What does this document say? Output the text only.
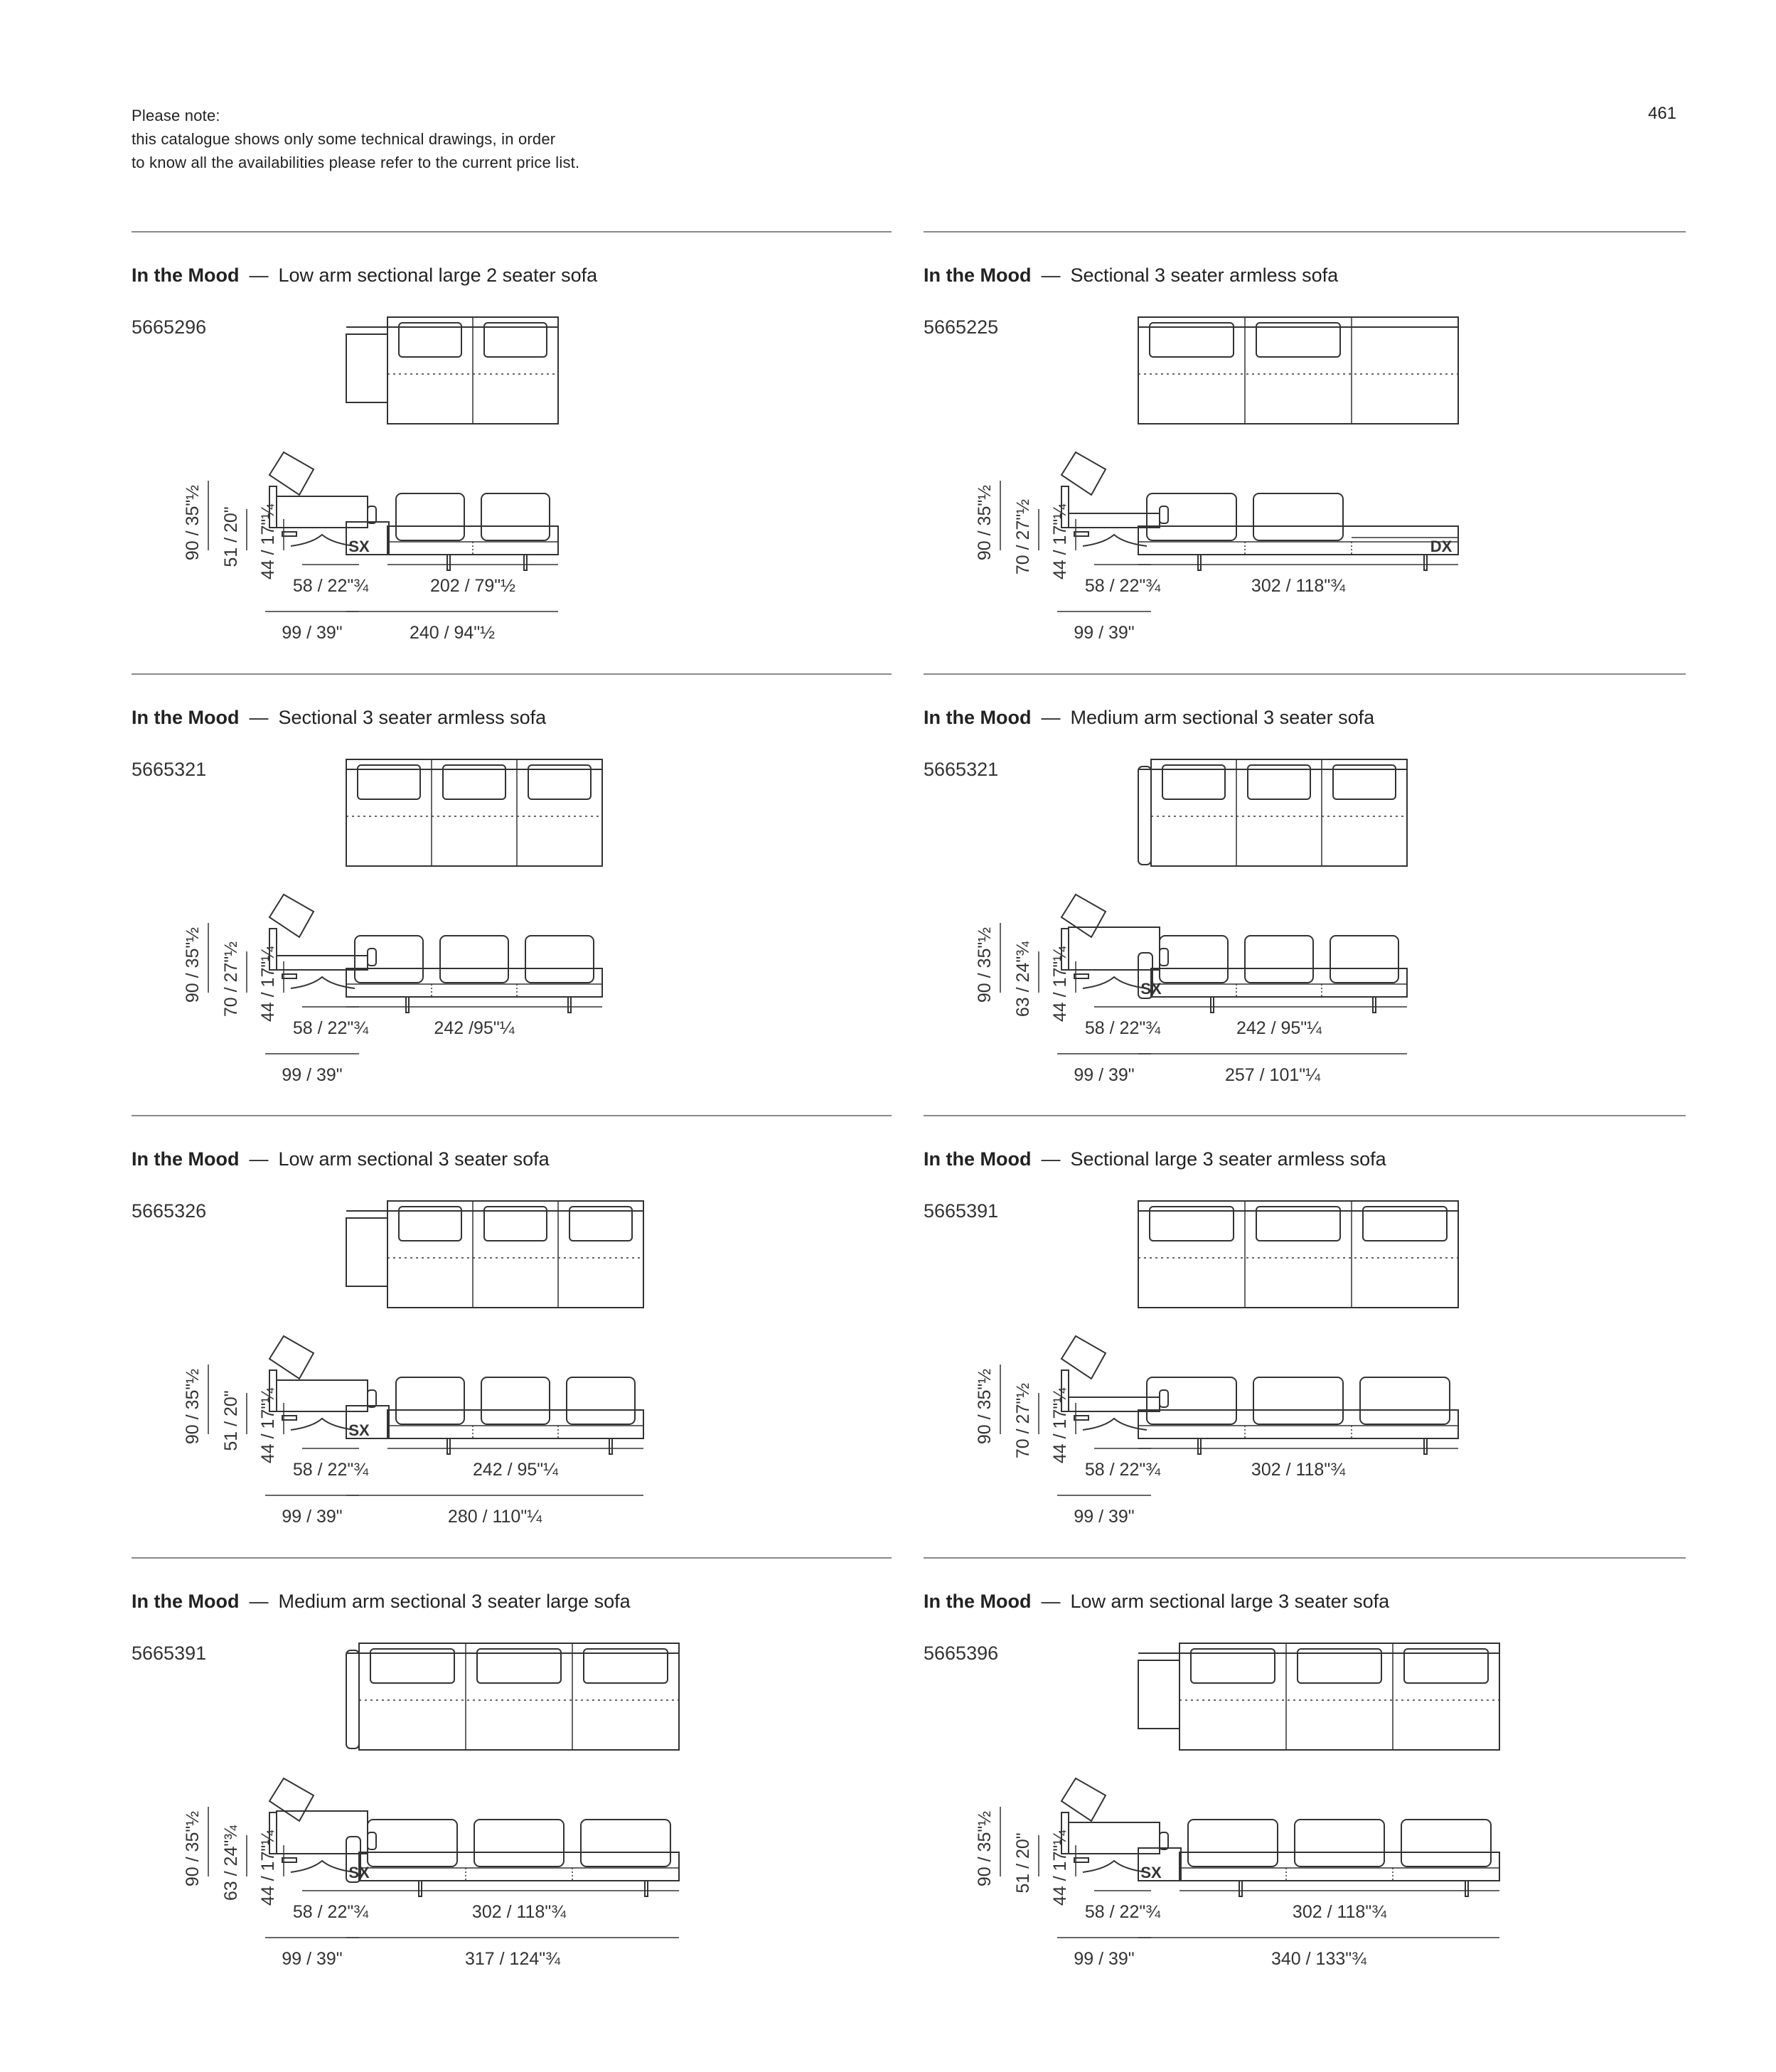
Please note:
this catalogue shows only some technical drawings, in order
to know all the availabilities please refer to the current price list.
461
In the Mood — Low arm sectional large 2 seater sofa
5665296
90 / 35"½ 51 / 20" 44 / 17"¼
58 / 22"¾
99 / 39"
SX
202 / 79"½
240 / 94"½
In the Mood — Sectional 3 seater armless sofa
5665225
90 / 35"½ 70 / 27"½ 44 / 17"¼
58 / 22"¾
99 / 39"
DX
302 / 118"¾
In the Mood — Sectional 3 seater armless sofa
5665321
90 / 35"½ 70 / 27"½ 44 / 17"¼
58 / 22"¾
99 / 39"
242 /95"¼
In the Mood — Medium arm sectional 3 seater sofa
5665321
90 / 35"½ 63 / 24"¾ 44 / 17"¼
58 / 22"¾
99 / 39"
SX
242 / 95"¼
257 / 101"¼
In the Mood — Low arm sectional 3 seater sofa
5665326
90 / 35"½ 51 / 20" 44 / 17"¼
58 / 22"¾
99 / 39"
SX
242 / 95"¼
280 / 110"¼
In the Mood — Sectional large 3 seater armless sofa
5665391
90 / 35"½ 70 / 27"½ 44 / 17"¼
58 / 22"¾
99 / 39"
302 / 118"¾
In the Mood — Medium arm sectional 3 seater large sofa
5665391
90 / 35"½ 63 / 24"¾ 44 / 17"¼
58 / 22"¾
99 / 39"
SX
302 / 118"¾
317 / 124"¾
In the Mood — Low arm sectional large 3 seater sofa
5665396
90 / 35"½ 51 / 20" 44 / 17"¼
58 / 22"¾
99 / 39"
SX
302 / 118"¾
340 / 133"¾
